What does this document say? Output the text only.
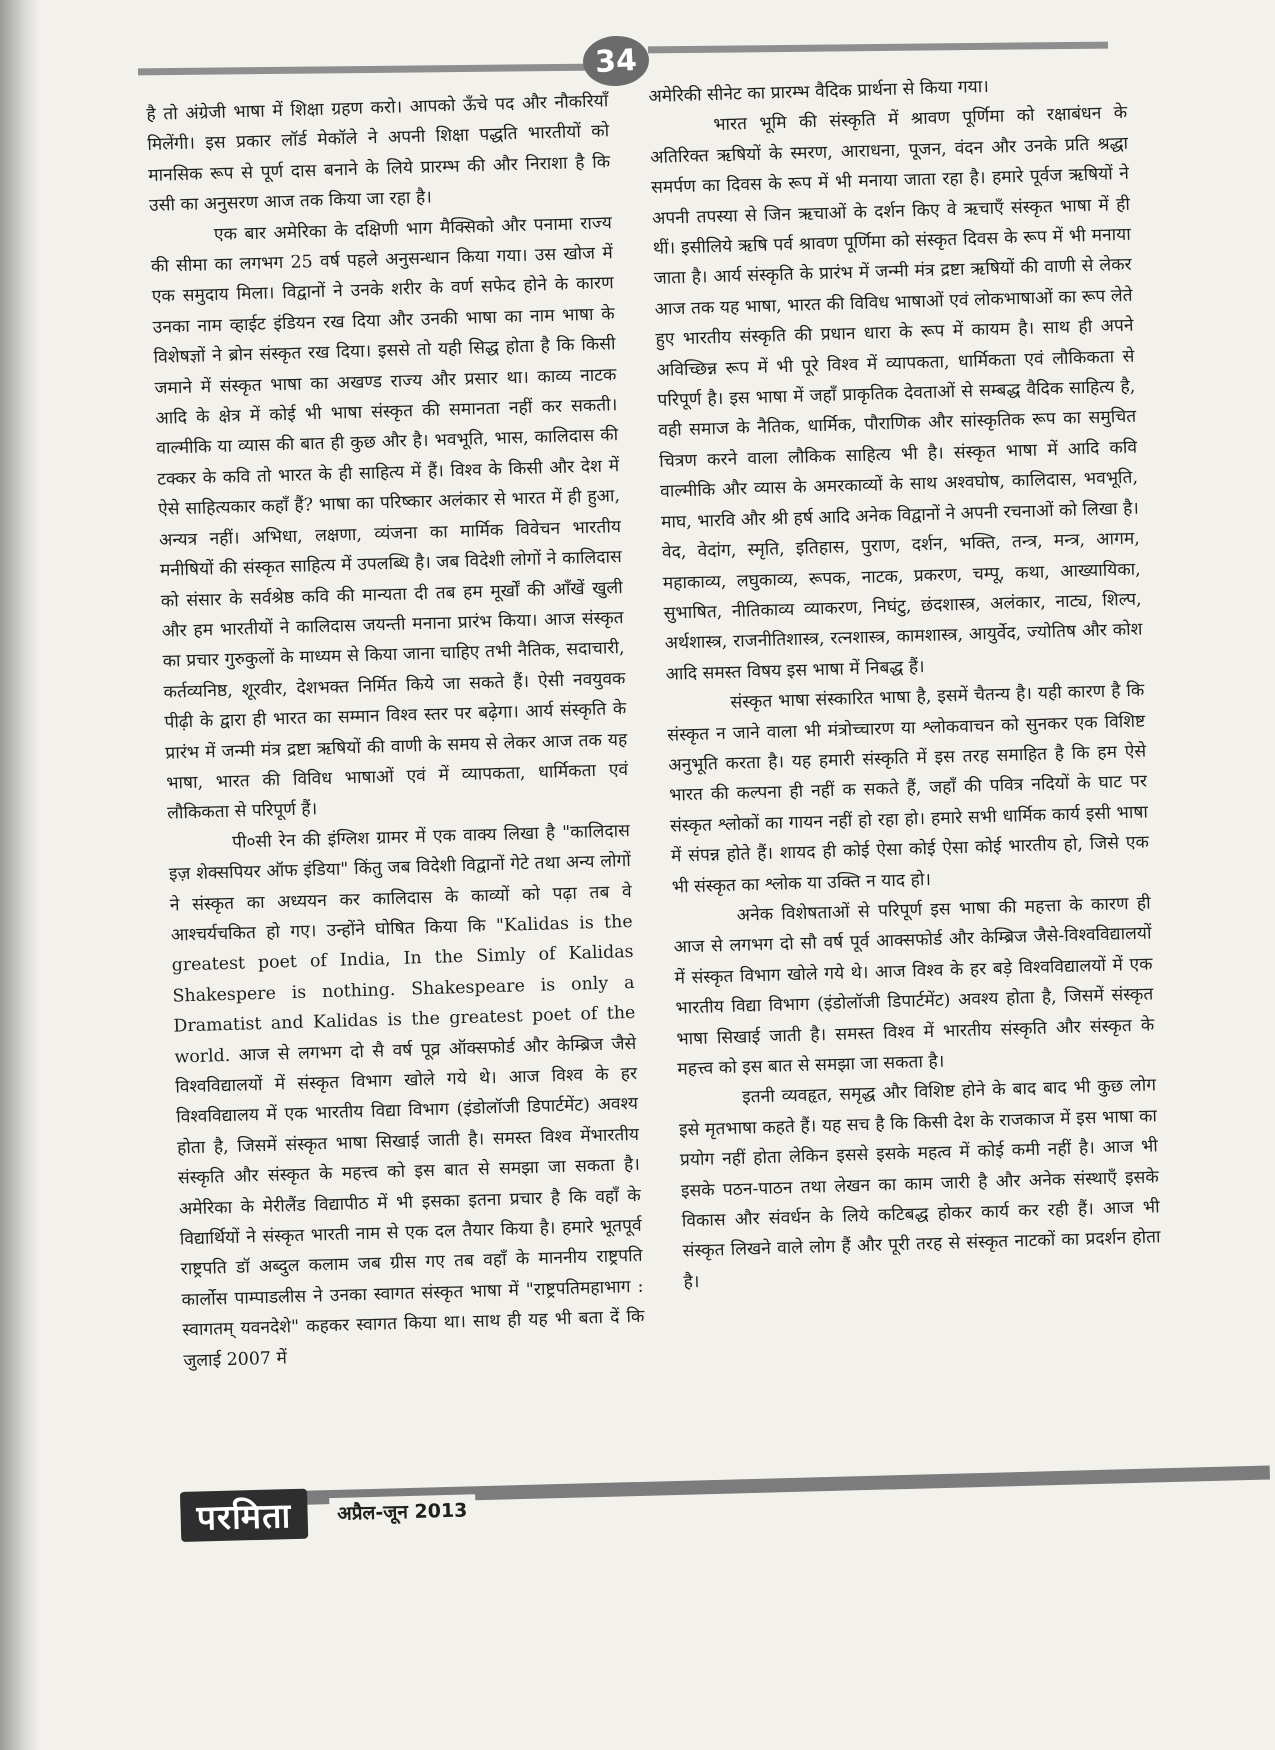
34

है तो अंग्रेजी भाषा में शिक्षा ग्रहण करो। आपको ऊँचे पद और नौकरियाँ मिलेंगी। इस प्रकार लॉर्ड मेकॉले ने अपनी शिक्षा पद्धति भारतीयों को मानसिक रूप से पूर्ण दास बनाने के लिये प्रारम्भ की और निराशा है कि उसी का अनुसरण आज तक किया जा रहा है।

एक बार अमेरिका के दक्षिणी भाग मैक्सिको और पनामा राज्य की सीमा का लगभग 25 वर्ष पहले अनुसन्धान किया गया। उस खोज में एक समुदाय मिला। विद्वानों ने उनके शरीर के वर्ण सफेद होने के कारण उनका नाम व्हाईट इंडियन रख दिया और उनकी भाषा का नाम भाषा के विशेषज्ञों ने ब्रोन संस्कृत रख दिया। इससे तो यही सिद्ध होता है कि किसी जमाने में संस्कृत भाषा का अखण्ड राज्य और प्रसार था। काव्य नाटक आदि के क्षेत्र में कोई भी भाषा संस्कृत की समानता नहीं कर सकती। वाल्मीकि या व्यास की बात ही कुछ और है। भवभूति, भास, कालिदास की टक्कर के कवि तो भारत के ही साहित्य में हैं। विश्व के किसी और देश में ऐसे साहित्यकार कहाँ हैं? भाषा का परिष्कार अलंकार से भारत में ही हुआ, अन्यत्र नहीं। अभिधा, लक्षणा, व्यंजना का मार्मिक विवेचन भारतीय मनीषियों की संस्कृत साहित्य में उपलब्धि है। जब विदेशी लोगों ने कालिदास को संसार के सर्वश्रेष्ठ कवि की मान्यता दी तब हम मूर्खों की आँखें खुली और हम भारतीयों ने कालिदास जयन्ती मनाना प्रारंभ किया। आज संस्कृत का प्रचार गुरुकुलों के माध्यम से किया जाना चाहिए तभी नैतिक, सदाचारी, कर्तव्यनिष्ठ, शूरवीर, देशभक्त निर्मित किये जा सकते हैं। ऐसी नवयुवक पीढ़ी के द्वारा ही भारत का सम्मान विश्व स्तर पर बढ़ेगा। आर्य संस्कृति के प्रारंभ में जन्मी मंत्र द्रष्टा ऋषियों की वाणी के समय से लेकर आज तक यह भाषा, भारत की विविध भाषाओं एवं में व्यापकता, धार्मिकता एवं लौकिकता से परिपूर्ण हैं।

पी०सी रेन की इंग्लिश ग्रामर में एक वाक्य लिखा है "कालिदास इज़ शेक्सपियर ऑफ इंडिया" किंतु जब विदेशी विद्वानों गेटे तथा अन्य लोगों ने संस्कृत का अध्ययन कर कालिदास के काव्यों को पढ़ा तब वे आश्चर्यचकित हो गए। उन्होंने घोषित किया कि "Kalidas is the greatest poet of India, In the Simly of Kalidas Shakespere is nothing. Shakespeare is only a Dramatist and Kalidas is the greatest poet of the world. आज से लगभग दो सै वर्ष पूव्र ऑक्सफोर्ड और केम्ब्रिज जैसे विश्वविद्यालयों में संस्कृत विभाग खोले गये थे। आज विश्व के हर विश्वविद्यालय में एक भारतीय विद्या विभाग (इंडोलॉजी डिपार्टमेंट) अवश्य होता है, जिसमें संस्कृत भाषा सिखाई जाती है। समस्त विश्व मेंभारतीय संस्कृति और संस्कृत के महत्त्व को इस बात से समझा जा सकता है। अमेरिका के मेरीलैंड विद्यापीठ में भी इसका इतना प्रचार है कि वहाँ के विद्यार्थियों ने संस्कृत भारती नाम से एक दल तैयार किया है। हमारे भूतपूर्व राष्ट्रपति डॉ अब्दुल कलाम जब ग्रीस गए तब वहाँ के माननीय राष्ट्रपति कार्लोस पाम्पाडलीस ने उनका स्वागत संस्कृत भाषा में "राष्ट्रपतिमहाभाग : स्वागतम् यवनदेशे" कहकर स्वागत किया था। साथ ही यह भी बता दें कि जुलाई 2007 में

अमेरिकी सीनेट का प्रारम्भ वैदिक प्रार्थना से किया गया।

भारत भूमि की संस्कृति में श्रावण पूर्णिमा को रक्षाबंधन के अतिरिक्त ऋषियों के स्मरण, आराधना, पूजन, वंदन और उनके प्रति श्रद्धा समर्पण का दिवस के रूप में भी मनाया जाता रहा है। हमारे पूर्वज ऋषियों ने अपनी तपस्या से जिन ऋचाओं के दर्शन किए वे ऋचाएँ संस्कृत भाषा में ही थीं। इसीलिये ऋषि पर्व श्रावण पूर्णिमा को संस्कृत दिवस के रूप में भी मनाया जाता है। आर्य संस्कृति के प्रारंभ में जन्मी मंत्र द्रष्टा ऋषियों की वाणी से लेकर आज तक यह भाषा, भारत की विविध भाषाओं एवं लोकभाषाओं का रूप लेते हुए भारतीय संस्कृति की प्रधान धारा के रूप में कायम है। साथ ही अपने अविच्छिन्न रूप में भी पूरे विश्व में व्यापकता, धार्मिकता एवं लौकिकता से परिपूर्ण है। इस भाषा में जहाँ प्राकृतिक देवताओं से सम्बद्ध वैदिक साहित्य है, वही समाज के नैतिक, धार्मिक, पौराणिक और सांस्कृतिक रूप का समुचित चित्रण करने वाला लौकिक साहित्य भी है। संस्कृत भाषा में आदि कवि वाल्मीकि और व्यास के अमरकाव्यों के साथ अश्वघोष, कालिदास, भवभूति, माघ, भारवि और श्री हर्ष आदि अनेक विद्वानों ने अपनी रचनाओं को लिखा है। वेद, वेदांग, स्मृति, इतिहास, पुराण, दर्शन, भक्ति, तन्त्र, मन्त्र, आगम, महाकाव्य, लघुकाव्य, रूपक, नाटक, प्रकरण, चम्पू, कथा, आख्यायिका, सुभाषित, नीतिकाव्य व्याकरण, निघंटु, छंदशास्त्र, अलंकार, नाट्य, शिल्प, अर्थशास्त्र, राजनीतिशास्त्र, रत्नशास्त्र, कामशास्त्र, आयुर्वेद, ज्योतिष और कोश आदि समस्त विषय इस भाषा में निबद्ध हैं।

संस्कृत भाषा संस्कारित भाषा है, इसमें चैतन्य है। यही कारण है कि संस्कृत न जाने वाला भी मंत्रोच्चारण या श्लोकवाचन को सुनकर एक विशिष्ट अनुभूति करता है। यह हमारी संस्कृति में इस तरह समाहित है कि हम ऐसे भारत की कल्पना ही नहीं क सकते हैं, जहाँ की पवित्र नदियों के घाट पर संस्कृत श्लोकों का गायन नहीं हो रहा हो। हमारे सभी धार्मिक कार्य इसी भाषा में संपन्न होते हैं। शायद ही कोई ऐसा कोई ऐसा कोई भारतीय हो, जिसे एक भी संस्कृत का श्लोक या उक्ति न याद हो।

अनेक विशेषताओं से परिपूर्ण इस भाषा की महत्ता के कारण ही आज से लगभग दो सौ वर्ष पूर्व आक्सफोर्ड और केम्ब्रिज जैसे-विश्वविद्यालयों में संस्कृत विभाग खोले गये थे। आज विश्व के हर बड़े विश्वविद्यालयों में एक भारतीय विद्या विभाग (इंडोलॉजी डिपार्टमेंट) अवश्य होता है, जिसमें संस्कृत भाषा सिखाई जाती है। समस्त विश्व में भारतीय संस्कृति और संस्कृत के महत्त्व को इस बात से समझा जा सकता है।

इतनी व्यवहृत, समृद्ध और विशिष्ट होने के बाद बाद भी कुछ लोग इसे मृतभाषा कहते हैं। यह सच है कि किसी देश के राजकाज में इस भाषा का प्रयोग नहीं होता लेकिन इससे इसके महत्व में कोई कमी नहीं है। आज भी इसके पठन-पाठन तथा लेखन का काम जारी है और अनेक संस्थाएँ इसके विकास और संवर्धन के लिये कटिबद्ध होकर कार्य कर रही हैं। आज भी संस्कृत लिखने वाले लोग हैं और पूरी तरह से संस्कृत नाटकों का प्रदर्शन होता है।

परमिता	अप्रैल-जून 2013
